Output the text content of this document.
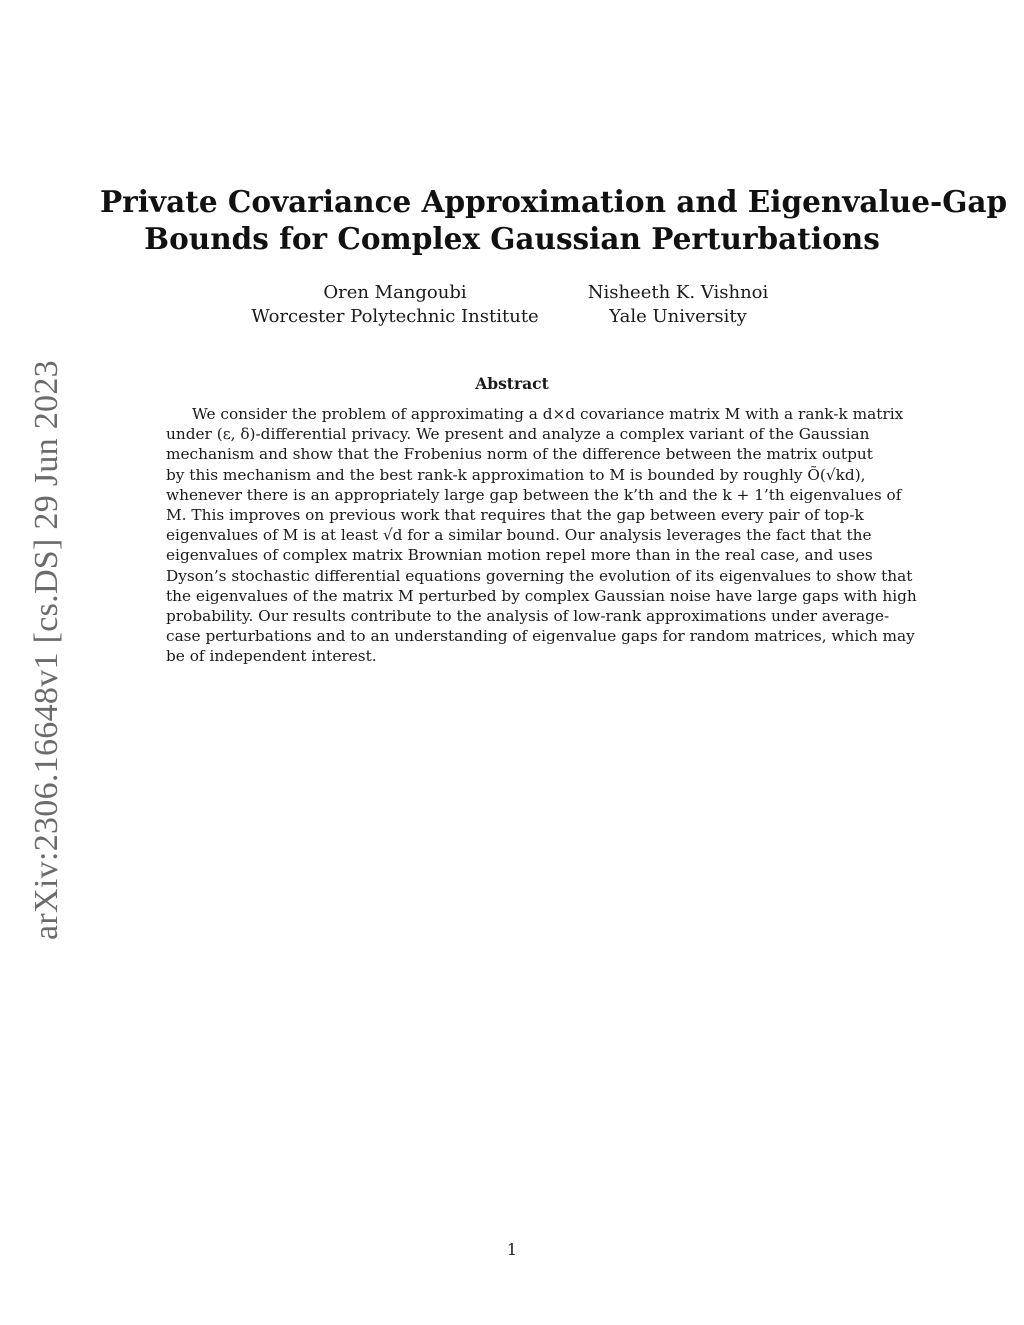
arXiv:2306.16648v1 [cs.DS] 29 Jun 2023
Private Covariance Approximation and Eigenvalue-Gap
Bounds for Complex Gaussian Perturbations
Oren Mangoubi
Worcester Polytechnic Institute
Nisheeth K. Vishnoi
Yale University
Abstract
We consider the problem of approximating a d×d covariance matrix M with a rank-k matrix
under (ε, δ)-differential privacy. We present and analyze a complex variant of the Gaussian
mechanism and show that the Frobenius norm of the difference between the matrix output
by this mechanism and the best rank-k approximation to M is bounded by roughly Õ(√kd),
whenever there is an appropriately large gap between the k’th and the k + 1’th eigenvalues of
M. This improves on previous work that requires that the gap between every pair of top-k
eigenvalues of M is at least √d for a similar bound. Our analysis leverages the fact that the
eigenvalues of complex matrix Brownian motion repel more than in the real case, and uses
Dyson’s stochastic differential equations governing the evolution of its eigenvalues to show that
the eigenvalues of the matrix M perturbed by complex Gaussian noise have large gaps with high
probability. Our results contribute to the analysis of low-rank approximations under average-
case perturbations and to an understanding of eigenvalue gaps for random matrices, which may
be of independent interest.
1
